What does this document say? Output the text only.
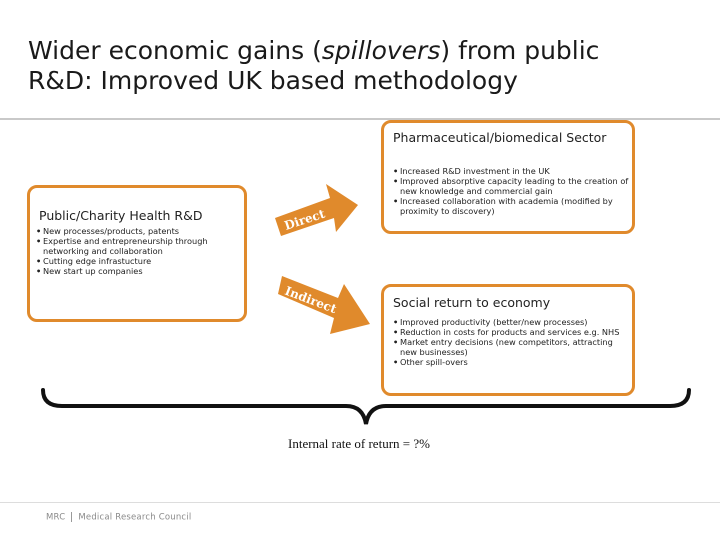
Wider economic gains (spillovers) from public
R&D: Improved UK based methodology
Public/Charity Health R&D
• New processes/products, patents
• Expertise and entrepreneurship through networking and collaboration
• Cutting edge infrastucture
• New start up companies
Pharmaceutical/biomedical Sector
• Increased R&D investment in the UK
• Improved absorptive capacity leading to the creation of new knowledge and commercial gain
• Increased collaboration with academia (modified by proximity to discovery)
Social return to economy
• Improved productivity (better/new processes)
• Reduction in costs for products and services e.g. NHS
• Market entry decisions (new competitors, attracting new businesses)
• Other spill-overs
Direct
Indirect
Internal rate of return = ?%
MRC Medical Research Council
